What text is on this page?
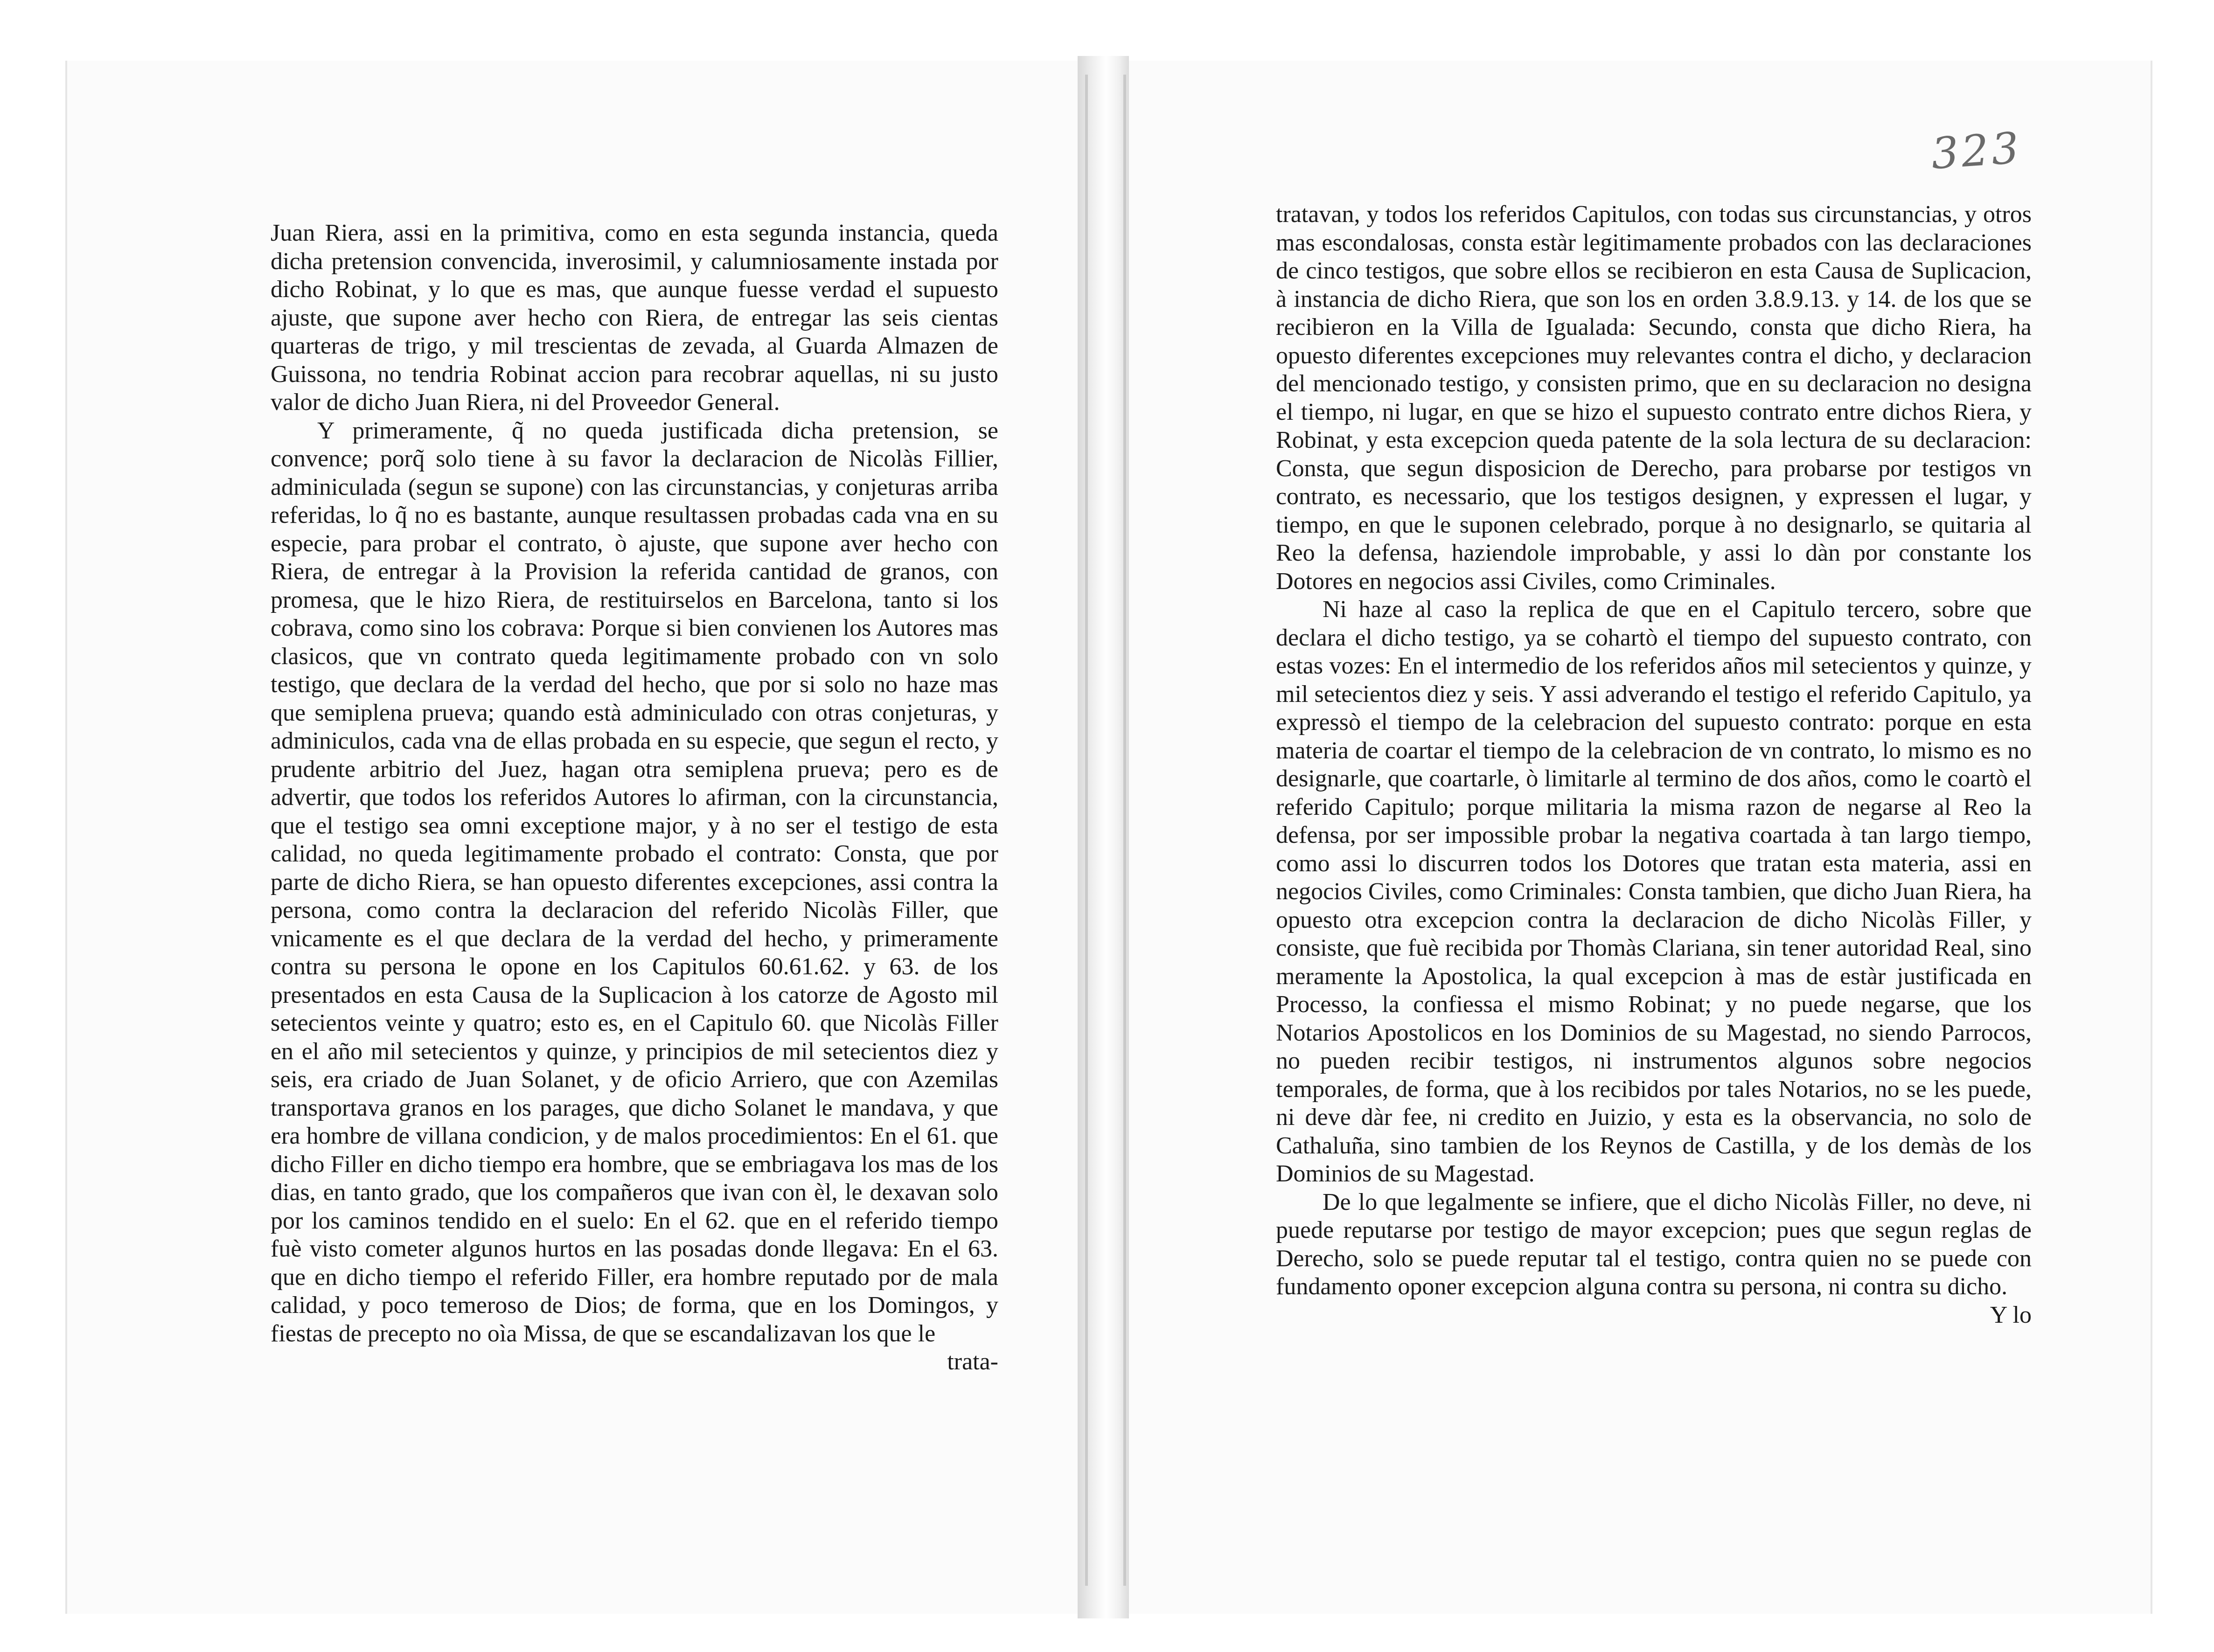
323

Juan Riera, assi en la primitiva, como en esta segunda instancia, queda dicha pretension convencida, inverosimil, y calumniosamente instada por dicho Robinat, y lo que es mas, que aunque fuesse verdad el supuesto ajuste, que supone aver hecho con Riera, de entregar las seis cientas quarteras de trigo, y mil trescientas de zevada, al Guarda Almazen de Guissona, no tendria Robinat accion para recobrar aquellas, ni su justo valor de dicho Juan Riera, ni del Proveedor General.

Y primeramente, q̃ no queda justificada dicha pretension, se convence; porq̃ solo tiene à su favor la declaracion de Nicolàs Fillier, adminiculada (segun se supone) con las circunstancias, y conjeturas arriba referidas, lo q̃ no es bastante, aunque resultassen probadas cada vna en su especie, para probar el contrato, ò ajuste, que supone aver hecho con Riera, de entregar à la Provision la referida cantidad de granos, con promesa, que le hizo Riera, de restituirselos en Barcelona, tanto si los cobrava, como sino los cobrava: Porque si bien convienen los Autores mas clasicos, que vn contrato queda legitimamente probado con vn solo testigo, que declara de la verdad del hecho, que por si solo no haze mas que semiplena prueva; quando està adminiculado con otras conjeturas, y adminiculos, cada vna de ellas probada en su especie, que segun el recto, y prudente arbitrio del Juez, hagan otra semiplena prueva; pero es de advertir, que todos los referidos Autores lo afirman, con la circunstancia, que el testigo sea omni exceptione major, y à no ser el testigo de esta calidad, no queda legitimamente probado el contrato: Consta, que por parte de dicho Riera, se han opuesto diferentes excepciones, assi contra la persona, como contra la declaracion del referido Nicolàs Filler, que vnicamente es el que declara de la verdad del hecho, y primeramente contra su persona le opone en los Capitulos 60.61.62. y 63. de los presentados en esta Causa de la Suplicacion à los catorze de Agosto mil setecientos veinte y quatro; esto es, en el Capitulo 60. que Nicolàs Filler en el año mil setecientos y quinze, y principios de mil setecientos diez y seis, era criado de Juan Solanet, y de oficio Arriero, que con Azemilas transportava granos en los parages, que dicho Solanet le mandava, y que era hombre de villana condicion, y de malos procedimientos: En el 61. que dicho Filler en dicho tiempo era hombre, que se embriagava los mas de los dias, en tanto grado, que los compañeros que ivan con èl, le dexavan solo por los caminos tendido en el suelo: En el 62. que en el referido tiempo fuè visto cometer algunos hurtos en las posadas donde llegava: En el 63. que en dicho tiempo el referido Filler, era hombre reputado por de mala calidad, y poco temeroso de Dios; de forma, que en los Domingos, y fiestas de precepto no oìa Missa, de que se escandalizavan los que le

trata-

tratavan, y todos los referidos Capitulos, con todas sus circunstancias, y otros mas escondalosas, consta estàr legitimamente probados con las declaraciones de cinco testigos, que sobre ellos se recibieron en esta Causa de Suplicacion, à instancia de dicho Riera, que son los en orden 3.8.9.13. y 14. de los que se recibieron en la Villa de Igualada: Secundo, consta que dicho Riera, ha opuesto diferentes excepciones muy relevantes contra el dicho, y declaracion del mencionado testigo, y consisten primo, que en su declaracion no designa el tiempo, ni lugar, en que se hizo el supuesto contrato entre dichos Riera, y Robinat, y esta excepcion queda patente de la sola lectura de su declaracion: Consta, que segun disposicion de Derecho, para probarse por testigos vn contrato, es necessario, que los testigos designen, y expressen el lugar, y tiempo, en que le suponen celebrado, porque à no designarlo, se quitaria al Reo la defensa, haziendole improbable, y assi lo dàn por constante los Dotores en negocios assi Civiles, como Criminales.

Ni haze al caso la replica de que en el Capitulo tercero, sobre que declara el dicho testigo, ya se cohartò el tiempo del supuesto contrato, con estas vozes: En el intermedio de los referidos años mil setecientos y quinze, y mil setecientos diez y seis. Y assi adverando el testigo el referido Capitulo, ya expressò el tiempo de la celebracion del supuesto contrato: porque en esta materia de coartar el tiempo de la celebracion de vn contrato, lo mismo es no designarle, que coartarle, ò limitarle al termino de dos años, como le coartò el referido Capitulo; porque militaria la misma razon de negarse al Reo la defensa, por ser impossible probar la negativa coartada à tan largo tiempo, como assi lo discurren todos los Dotores que tratan esta materia, assi en negocios Civiles, como Criminales: Consta tambien, que dicho Juan Riera, ha opuesto otra excepcion contra la declaracion de dicho Nicolàs Filler, y consiste, que fuè recibida por Thomàs Clariana, sin tener autoridad Real, sino meramente la Apostolica, la qual excepcion à mas de estàr justificada en Processo, la confiessa el mismo Robinat; y no puede negarse, que los Notarios Apostolicos en los Dominios de su Magestad, no siendo Parrocos, no pueden recibir testigos, ni instrumentos algunos sobre negocios temporales, de forma, que à los recibidos por tales Notarios, no se les puede, ni deve dàr fee, ni credito en Juizio, y esta es la observancia, no solo de Cathaluña, sino tambien de los Reynos de Castilla, y de los demàs de los Dominios de su Magestad.

De lo que legalmente se infiere, que el dicho Nicolàs Filler, no deve, ni puede reputarse por testigo de mayor excepcion; pues que segun reglas de Derecho, solo se puede reputar tal el testigo, contra quien no se puede con fundamento oponer excepcion alguna contra su persona, ni contra su dicho.

Y lo
